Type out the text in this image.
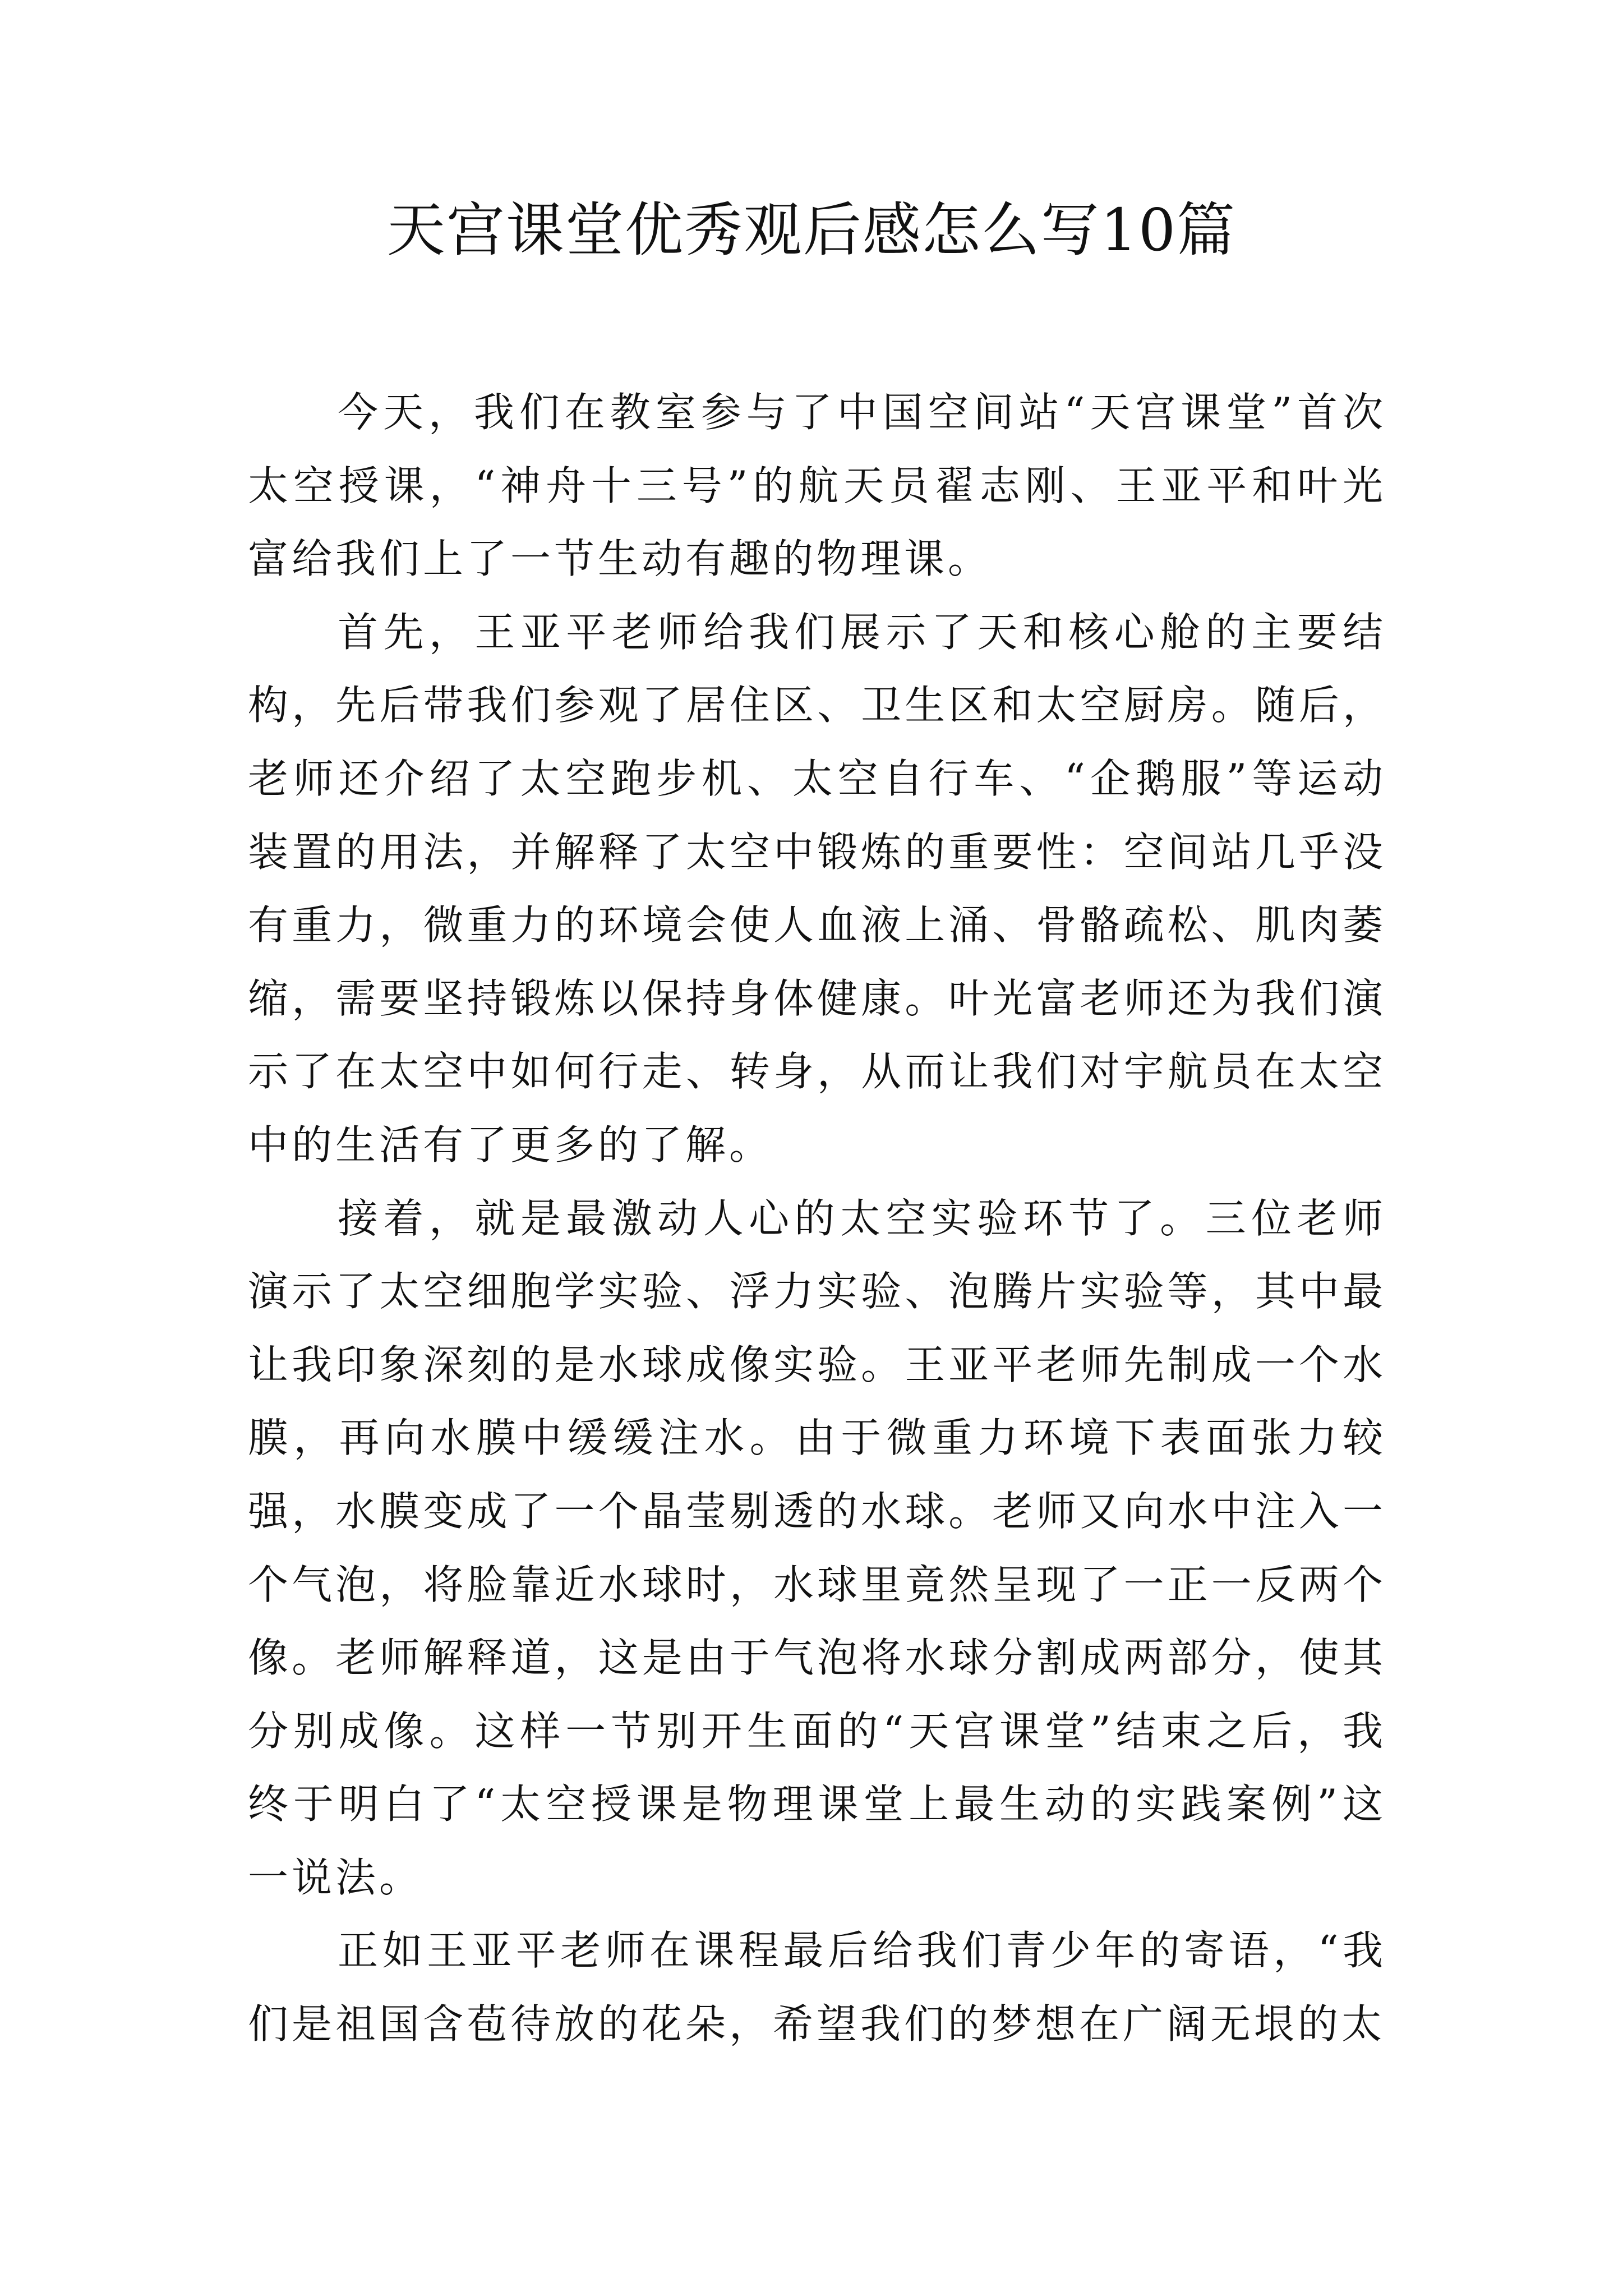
天宫课堂优秀观后感怎么写10篇

今天，我们在教室参与了中国空间站“天宫课堂”首次太空授课，“神舟十三号”的航天员翟志刚、王亚平和叶光富给我们上了一节生动有趣的物理课。

首先，王亚平老师给我们展示了天和核心舱的主要结构，先后带我们参观了居住区、卫生区和太空厨房。随后，老师还介绍了太空跑步机、太空自行车、“企鹅服”等运动装置的用法，并解释了太空中锻炼的重要性：空间站几乎没有重力，微重力的环境会使人血液上涌、骨骼疏松、肌肉萎缩，需要坚持锻炼以保持身体健康。叶光富老师还为我们演示了在太空中如何行走、转身，从而让我们对宇航员在太空中的生活有了更多的了解。

接着，就是最激动人心的太空实验环节了。三位老师演示了太空细胞学实验、浮力实验、泡腾片实验等，其中最让我印象深刻的是水球成像实验。王亚平老师先制成一个水膜，再向水膜中缓缓注水。由于微重力环境下表面张力较强，水膜变成了一个晶莹剔透的水球。老师又向水中注入一个气泡，将脸靠近水球时，水球里竟然呈现了一正一反两个像。老师解释道，这是由于气泡将水球分割成两部分，使其分别成像。这样一节别开生面的“天宫课堂”结束之后，我终于明白了“太空授课是物理课堂上最生动的实践案例”这一说法。

正如王亚平老师在课程最后给我们青少年的寄语，“我们是祖国含苞待放的花朵，希望我们的梦想在广阔无垠的太
